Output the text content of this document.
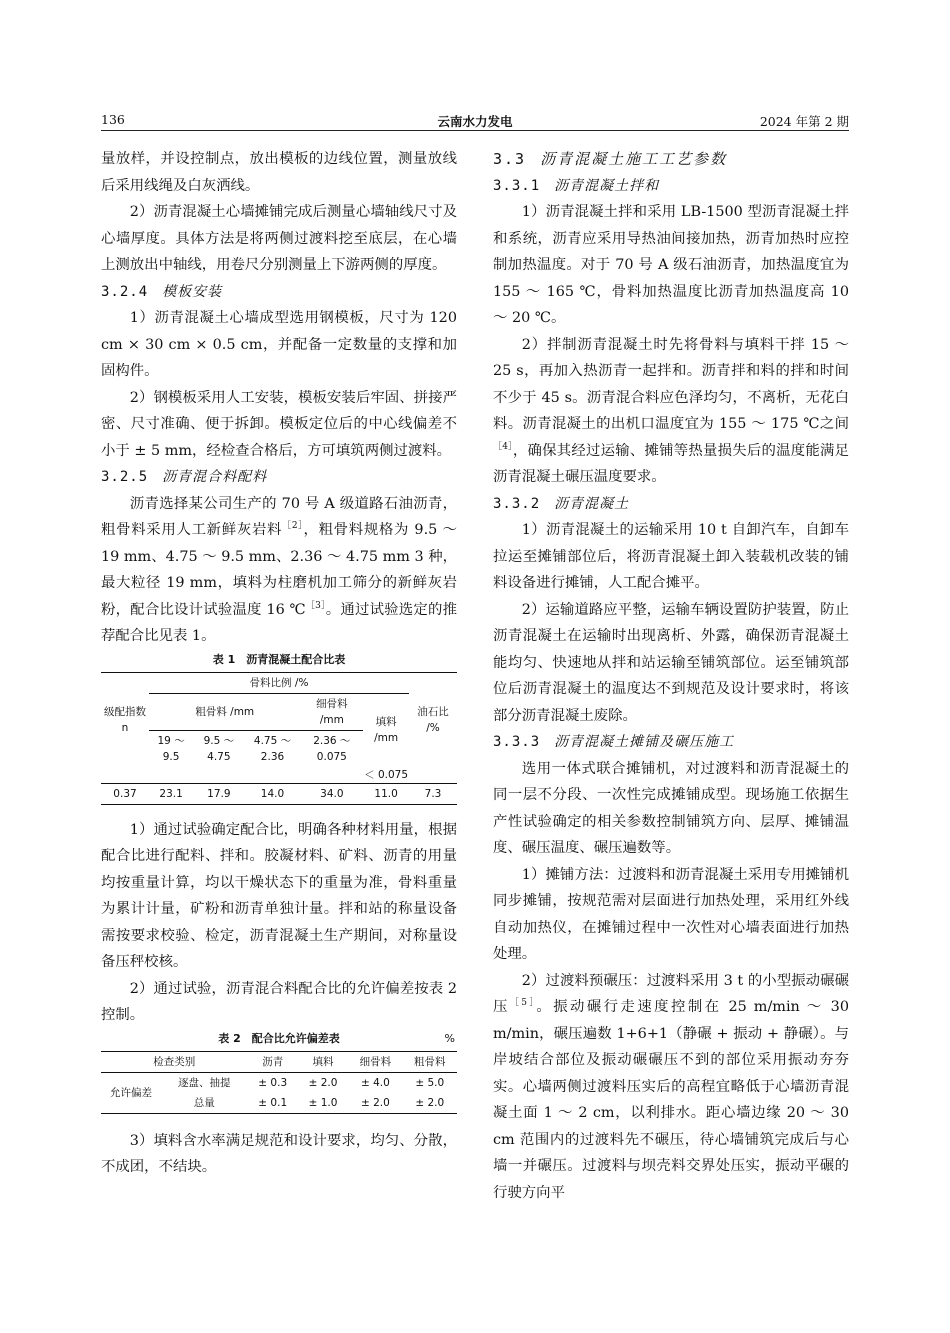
136	云南水力发电	2024 年第 2 期

量放样，并设控制点，放出模板的边线位置，测量放线后采用线绳及白灰洒线。

2）沥青混凝土心墙摊铺完成后测量心墙轴线尺寸及心墙厚度。具体方法是将两侧过渡料挖至底层，在心墙上测放出中轴线，用卷尺分别测量上下游两侧的厚度。

3.2.4 模板安装

1）沥青混凝土心墙成型选用钢模板，尺寸为 120 cm × 30 cm × 0.5 cm，并配备一定数量的支撑和加固构件。

2）钢模板采用人工安装，模板安装后牢固、拼接严密、尺寸准确、便于拆卸。模板定位后的中心线偏差不小于 ± 5 mm，经检查合格后，方可填筑两侧过渡料。

3.2.5 沥青混合料配料

沥青选择某公司生产的 70 号 A 级道路石油沥青，粗骨料采用人工新鲜灰岩料$^{[2]}$，粗骨料规格为 9.5 ～ 19 mm、4.75 ～ 9.5 mm、2.36 ～ 4.75 mm 3 种，最大粒径 19 mm，填料为柱磨机加工筛分的新鲜灰岩粉，配合比设计试验温度 16 ℃$^{[3]}$。通过试验选定的推荐配合比见表 1。

表 1　沥青混凝土配合比表
级配指数 n	骨料比例 /%					油石比 /%
	粗骨料 /mm			细骨料 /mm	填料 /mm	
	19 ～ 9.5	9.5 ～ 4.75	4.75 ～ 2.36	2.36 ～ 0.075		
					＜ 0.075	
0.37	23.1	17.9	14.0	34.0	11.0	7.3

1）通过试验确定配合比，明确各种材料用量，根据配合比进行配料、拌和。胶凝材料、矿料、沥青的用量均按重量计算，均以干燥状态下的重量为准，骨料重量为累计计量，矿粉和沥青单独计量。拌和站的称量设备需按要求校验、检定，沥青混凝土生产期间，对称量设备压秤校核。

2）通过试验，沥青混合料配合比的允许偏差按表 2 控制。

表 2　配合比允许偏差表	%
检查类别		沥青	填料	细骨料	粗骨料
允许偏差	逐盘、抽提	± 0.3	± 2.0	± 4.0	± 5.0
	总量	± 0.1	± 1.0	± 2.0	± 2.0

3）填料含水率满足规范和设计要求，均匀、分散，不成团，不结块。

3.3 沥青混凝土施工工艺参数

3.3.1 沥青混凝土拌和

1）沥青混凝土拌和采用 LB-1500 型沥青混凝土拌和系统，沥青应采用导热油间接加热，沥青加热时应控制加热温度。对于 70 号 A 级石油沥青，加热温度宜为 155 ～ 165 ℃，骨料加热温度比沥青加热温度高 10 ～ 20 ℃。

2）拌制沥青混凝土时先将骨料与填料干拌 15 ～ 25 s，再加入热沥青一起拌和。沥青拌和料的拌和时间不少于 45 s。沥青混合料应色泽均匀，不离析，无花白料。沥青混凝土的出机口温度宜为 155 ～ 175 ℃之间$^{[4]}$，确保其经过运输、摊铺等热量损失后的温度能满足沥青混凝土碾压温度要求。

3.3.2 沥青混凝土

1）沥青混凝土的运输采用 10 t 自卸汽车，自卸车拉运至摊铺部位后，将沥青混凝土卸入装载机改装的铺料设备进行摊铺，人工配合摊平。

2）运输道路应平整，运输车辆设置防护装置，防止沥青混凝土在运输时出现离析、外露，确保沥青混凝土能均匀、快速地从拌和站运输至铺筑部位。运至铺筑部位后沥青混凝土的温度达不到规范及设计要求时，将该部分沥青混凝土废除。

3.3.3 沥青混凝土摊铺及碾压施工

选用一体式联合摊铺机，对过渡料和沥青混凝土的同一层不分段、一次性完成摊铺成型。现场施工依据生产性试验确定的相关参数控制铺筑方向、层厚、摊铺温度、碾压温度、碾压遍数等。

1）摊铺方法：过渡料和沥青混凝土采用专用摊铺机同步摊铺，按规范需对层面进行加热处理，采用红外线自动加热仪，在摊铺过程中一次性对心墙表面进行加热处理。

2）过渡料预碾压：过渡料采用 3 t 的小型振动碾碾压$^{[5]}$。振动碾行走速度控制在 25 m/min ～ 30 m/min，碾压遍数 1+6+1（静碾 + 振动 + 静碾）。与岸坡结合部位及振动碾碾压不到的部位采用振动夯夯实。心墙两侧过渡料压实后的高程宜略低于心墙沥青混凝土面 1 ～ 2 cm，以利排水。距心墙边缘 20 ～ 30 cm 范围内的过渡料先不碾压，待心墙铺筑完成后与心墙一并碾压。过渡料与坝壳料交界处压实，振动平碾的行驶方向平
